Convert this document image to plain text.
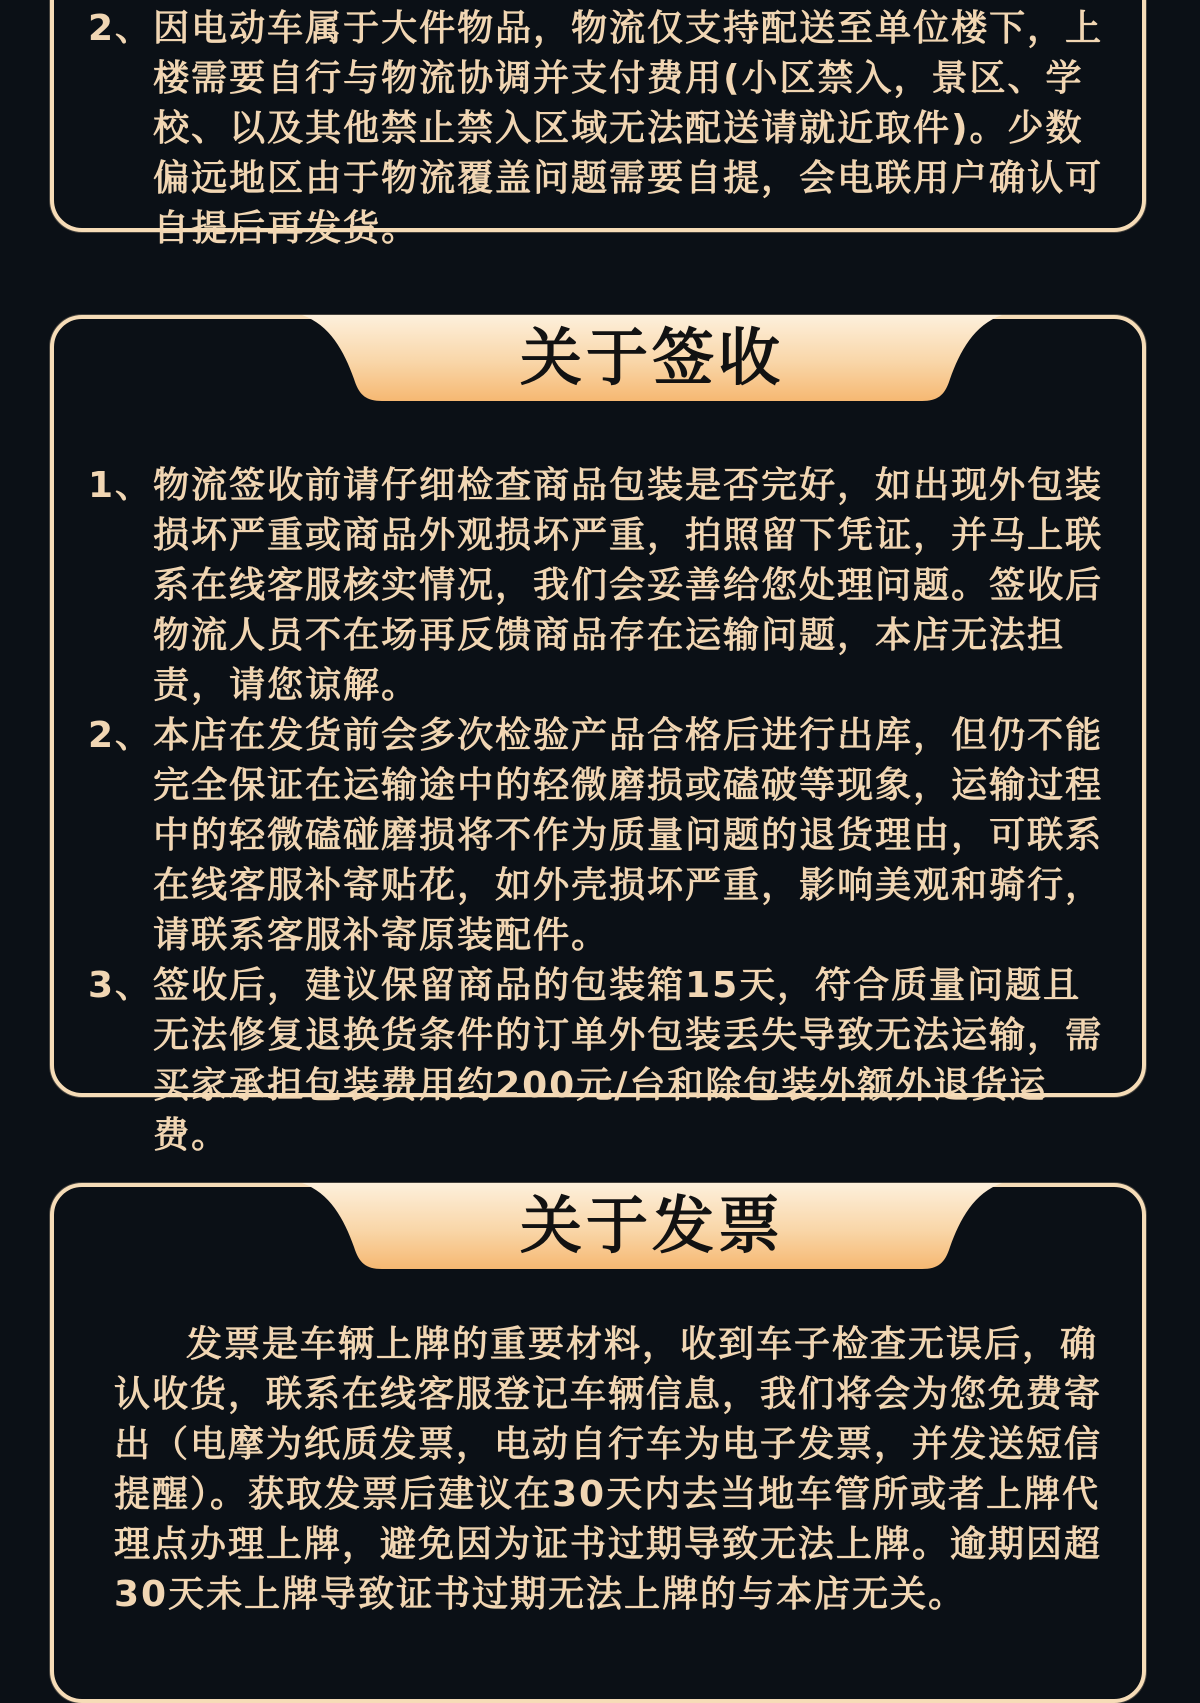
2、 因电动车属于大件物品，物流仅支持配送至单位楼下，上楼需要自行与物流协调并支付费用(小区禁入，景区、学校、以及其他禁止禁入区域无法配送请就近取件)。少数偏远地区由于物流覆盖问题需要自提，会电联用户确认可自提后再发货。
关于签收
1、 物流签收前请仔细检查商品包装是否完好，如出现外包装损坏严重或商品外观损坏严重，拍照留下凭证，并马上联系在线客服核实情况，我们会妥善给您处理问题。签收后物流人员不在场再反馈商品存在运输问题，本店无法担责，请您谅解。
2、 本店在发货前会多次检验产品合格后进行出库，但仍不能完全保证在运输途中的轻微磨损或磕破等现象，运输过程中的轻微磕碰磨损将不作为质量问题的退货理由，可联系在线客服补寄贴花，如外壳损坏严重，影响美观和骑行，请联系客服补寄原装配件。
3、 签收后，建议保留商品的包装箱15天，符合质量问题且无法修复退换货条件的订单外包装丢失导致无法运输，需买家承担包装费用约200元/台和除包装外额外退货运费。
关于发票

发票是车辆上牌的重要材料，收到车子检查无误后，确认收货，联系在线客服登记车辆信息，我们将会为您免费寄出（电摩为纸质发票，电动自行车为电子发票，并发送短信提醒）。获取发票后建议在30天内去当地车管所或者上牌代理点办理上牌，避免因为证书过期导致无法上牌。逾期因超30天未上牌导致证书过期无法上牌的与本店无关。
